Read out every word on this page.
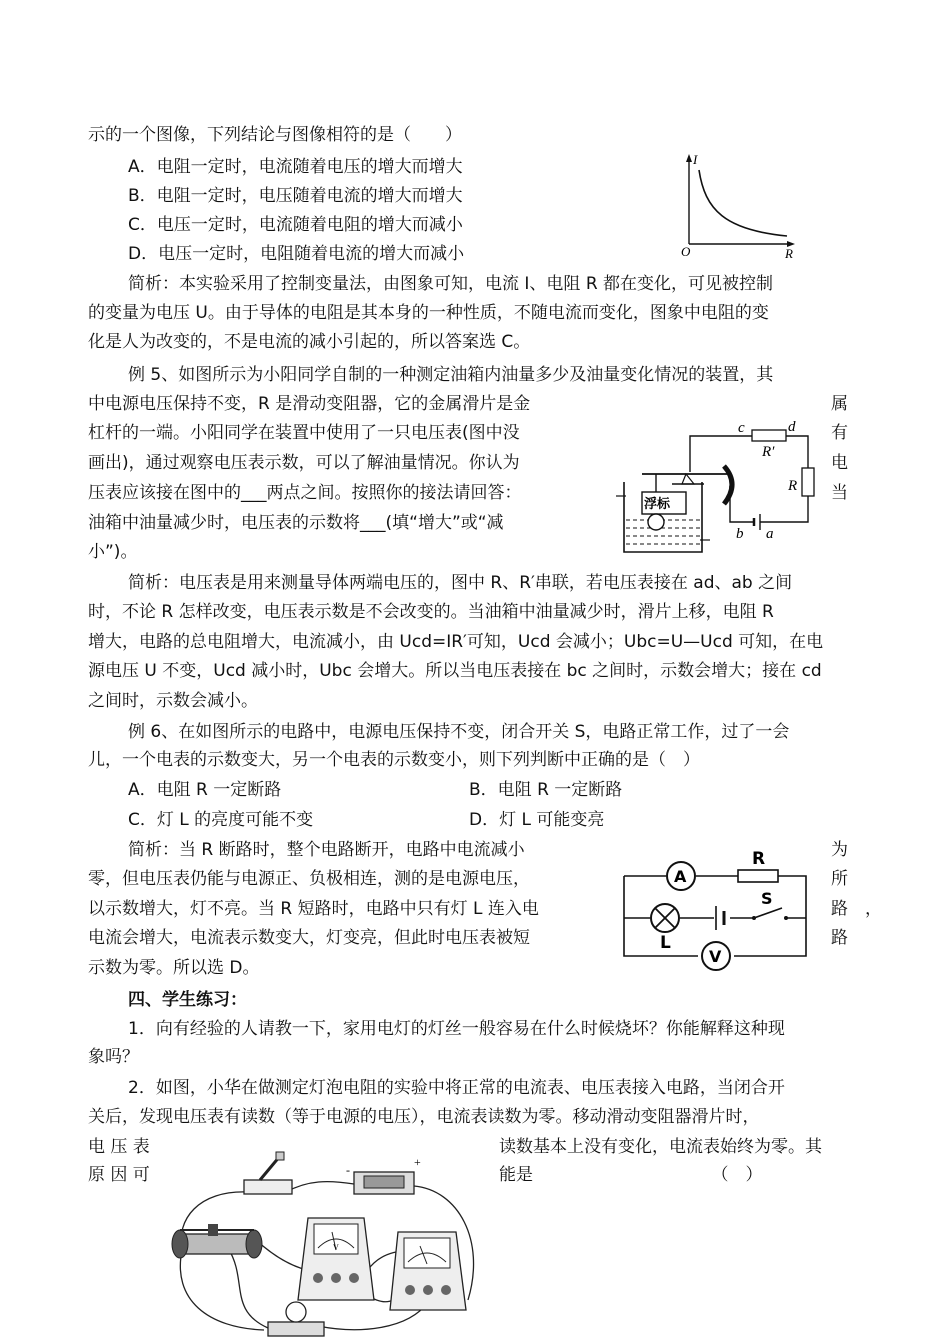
示的一个图像，下列结论与图像相符的是（　　）
A．电阻一定时，电流随着电压的增大而增大
B．电阻一定时，电压随着电流的增大而增大
C．电压一定时，电流随着电阻的增大而减小
D．电压一定时，电阻随着电流的增大而减小
I
R
O
简析：本实验采用了控制变量法，由图象可知，电流 I、电阻 R 都在变化，可见被控制
的变量为电压 U。由于导体的电阻是其本身的一种性质，不随电流而变化，图象中电阻的变
化是人为改变的，不是电流的减小引起的，所以答案选 C。
例 5、如图所示为小阳同学自制的一种测定油箱内油量多少及油量变化情况的装置，其
中电源电压保持不变，R 是滑动变阻器，它的金属滑片是金
杠杆的一端。小阳同学在装置中使用了一只电压表(图中没
画出)，通过观察电压表示数，可以了解油量情况。你认为
压表应该接在图中的___两点之间。按照你的接法请回答：
油箱中油量减少时，电压表的示数将___(填“增大”或“减
小”)。
属
有
电
当
浮标
c	d
R′
R
b a
简析：电压表是用来测量导体两端电压的，图中 R、R′串联，若电压表接在 ad、ab 之间
时，不论 R 怎样改变，电压表示数是不会改变的。当油箱中油量减少时，滑片上移，电阻 R
增大，电路的总电阻增大，电流减小，由 Ucd=IR′可知，Ucd 会减小；Ubc=U—Ucd 可知，在电
源电压 U 不变，Ucd 减小时，Ubc 会增大。所以当电压表接在 bc 之间时，示数会增大；接在 cd
之间时，示数会减小。
例 6、在如图所示的电路中，电源电压保持不变，闭合开关 S，电路正常工作，过了一会
儿，一个电表的示数变大，另一个电表的示数变小，则下列判断中正确的是（　）
A．电阻 R 一定断路	B．电阻 R 一定断路
C．灯 L 的亮度可能不变	D．灯 L 可能变亮
简析：当 R 断路时，整个电路断开，电路中电流减小
零，但电压表仍能与电源正、负极相连，测的是电源电压，
以示数增大，灯不亮。当 R 短路时，电路中只有灯 L 连入电
电流会增大，电流表示数变大，灯变亮，但此时电压表被短
示数为零。所以选 D。
为
所
路　，
路
A
R
L
S
V
四、学生练习：
1．向有经验的人请教一下，家用电灯的灯丝一般容易在什么时候烧坏？你能解释这种现
象吗？
2．如图，小华在做测定灯泡电阻的实验中将正常的电流表、电压表接入电路，当闭合开
关后，发现电压表有读数（等于电源的电压），电流表读数为零。移动滑动变阻器滑片时，
电 压 表
原 因 可
读数基本上没有变化，电流表始终为零。其
能是　　　　　　　　　　　（　）
-
+
V
